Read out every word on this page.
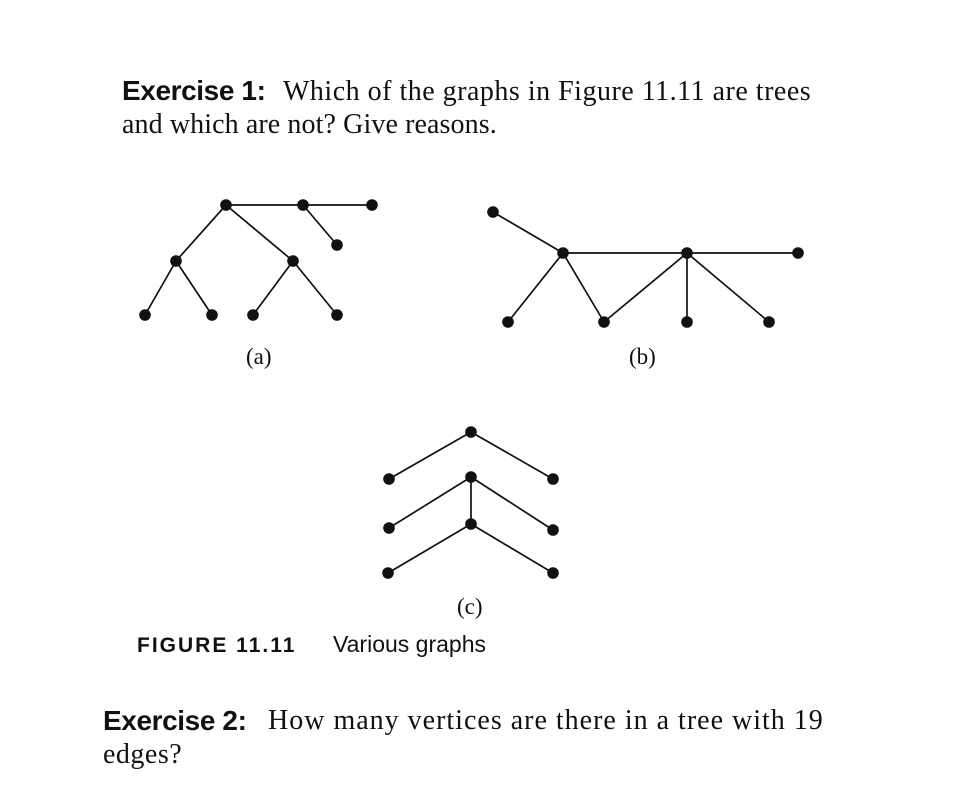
Exercise 1: Which of the graphs in Figure 11.11 are trees
and which are not? Give reasons.
(a)	(b)
(c)
FIGURE 11.11 Various graphs
Exercise 2: How many vertices are there in a tree with 19
edges?
